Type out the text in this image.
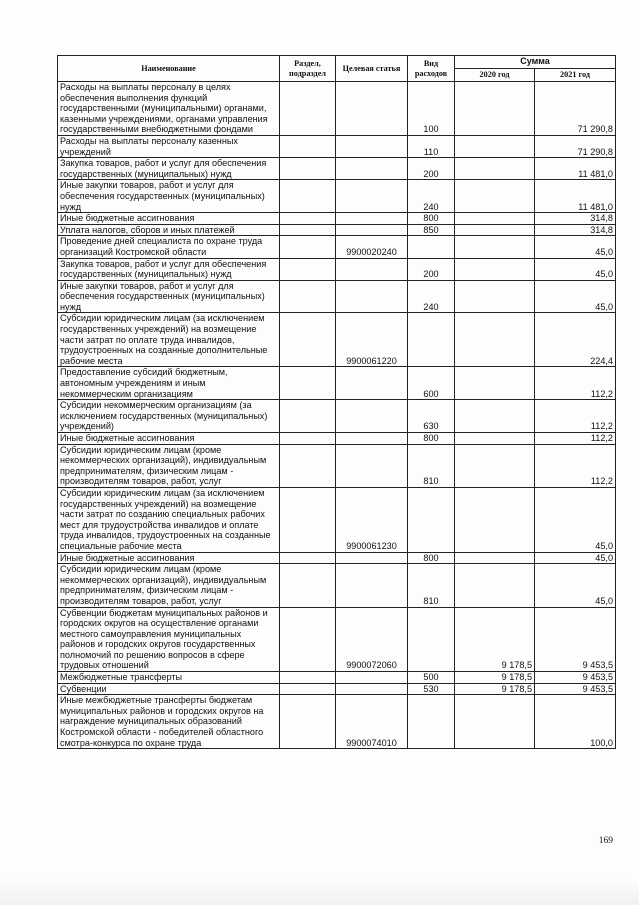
Наименование	Раздел, подраздел	Целевая статья	Вид расходов	Сумма	
				2020 год	2021 год
Расходы на выплаты персоналу в целях обеспечения выполнения функций государственными (муниципальными) органами, казенными учреждениями, органами управления государственными внебюджетными фондами			100		71 290,8
Расходы на выплаты персоналу казенных учреждений			110		71 290,8
Закупка товаров, работ и услуг для обеспечения государственных (муниципальных) нужд			200		11 481,0
Иные закупки товаров, работ и услуг для обеспечения государственных (муниципальных) нужд			240		11 481,0
Иные бюджетные ассигнования			800		314,8
Уплата налогов, сборов и иных платежей			850		314,8
Проведение дней специалиста по охране труда организаций Костромской области		9900020240			45,0
Закупка товаров, работ и услуг для обеспечения государственных (муниципальных) нужд			200		45,0
Иные закупки товаров, работ и услуг для обеспечения государственных (муниципальных) нужд			240		45,0
Субсидии юридическим лицам (за исключением государственных учреждений) на возмещение части затрат по оплате труда инвалидов, трудоустроенных на созданные дополнительные рабочие места		9900061220			224,4
Предоставление субсидий бюджетным, автономным учреждениям и иным некоммерческим организациям			600		112,2
Субсидии некоммерческим организациям (за исключением государственных (муниципальных) учреждений)			630		112,2
Иные бюджетные ассигнования			800		112,2
Субсидии юридическим лицам (кроме некоммерческих организаций), индивидуальным предпринимателям, физическим лицам - производителям товаров, работ, услуг			810		112,2
Субсидии юридическим лицам (за исключением государственных учреждений) на возмещение части затрат по созданию специальных рабочих мест для трудоустройства инвалидов и оплате труда инвалидов, трудоустроенных на созданные специальные рабочие места		9900061230			45,0
Иные бюджетные ассигнования			800		45,0
Субсидии юридическим лицам (кроме некоммерческих организаций), индивидуальным предпринимателям, физическим лицам - производителям товаров, работ, услуг			810		45,0
Субвенции бюджетам муниципальных районов и городских округов на осуществление органами местного самоуправления муниципальных районов и городских округов государственных полномочий по решению вопросов в сфере трудовых отношений		9900072060		9 178,5	9 453,5
Межбюджетные трансферты			500	9 178,5	9 453,5
Субвенции			530	9 178,5	9 453,5
Иные межбюджетные трансферты бюджетам муниципальных районов и городских округов на награждение муниципальных образований Костромской области - победителей областного смотра-конкурса по охране труда		9900074010			100,0
169
